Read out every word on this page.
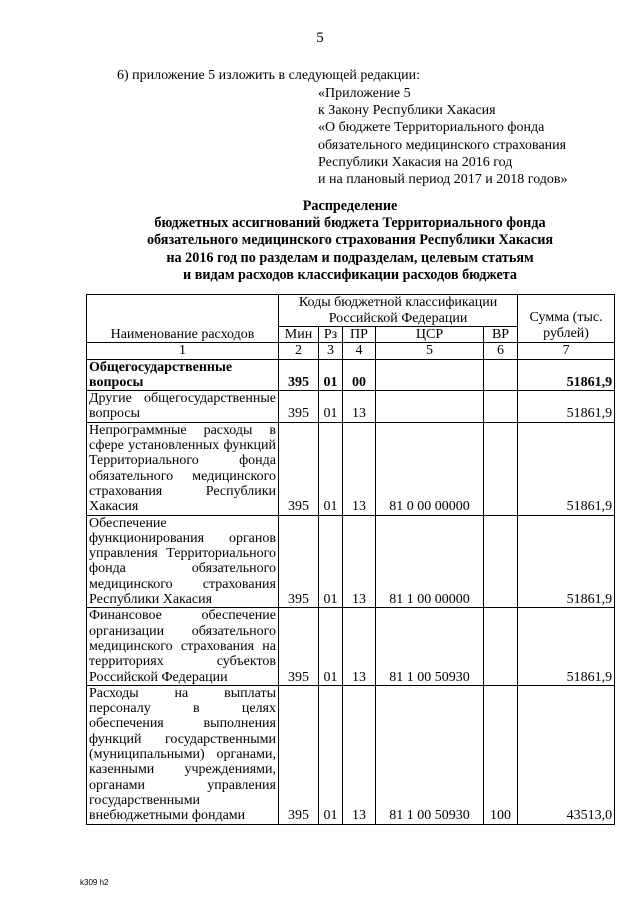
5
6) приложение 5 изложить в следующей редакции:
«Приложение 5
к Закону Республики Хакасия
«О бюджете Территориального фонда
обязательного медицинского страхования
Республики Хакасия на 2016 год
и на плановый период 2017 и 2018 годов»
Распределение
бюджетных ассигнований бюджета Территориального фонда
обязательного медицинского страхования Республики Хакасия
на 2016 год по разделам и подразделам, целевым статьям
и видам расходов классификации расходов бюджета
Наименование расходов	Коды бюджетной классификации Российской Федерации					Сумма (тыс. рублей)
	Мин	Рз	ПР	ЦСР	ВР	
1	2	3	4	5	6	7
Общегосударственные вопросы	395	01	00			51861,9
Другие общегосударственные вопросы	395	01	13			51861,9
Непрограммные расходы в сфере установленных функций Территориального фонда обязательного медицинского страхования Республики Хакасия	395	01	13	81 0 00 00000		51861,9
Обеспечение функционирования органов управления Территориального фонда обязательного медицинского страхования Республики Хакасия	395	01	13	81 1 00 00000		51861,9
Финансовое обеспечение организации обязательного медицинского страхования на территориях субъектов Российской Федерации	395	01	13	81 1 00 50930		51861,9
Расходы на выплаты персоналу в целях обеспечения выполнения функций государственными (муниципальными) органами, казенными учреждениями, органами управления государственными внебюджетными фондами	395	01	13	81 1 00 50930	100	43513,0
k309 h2
